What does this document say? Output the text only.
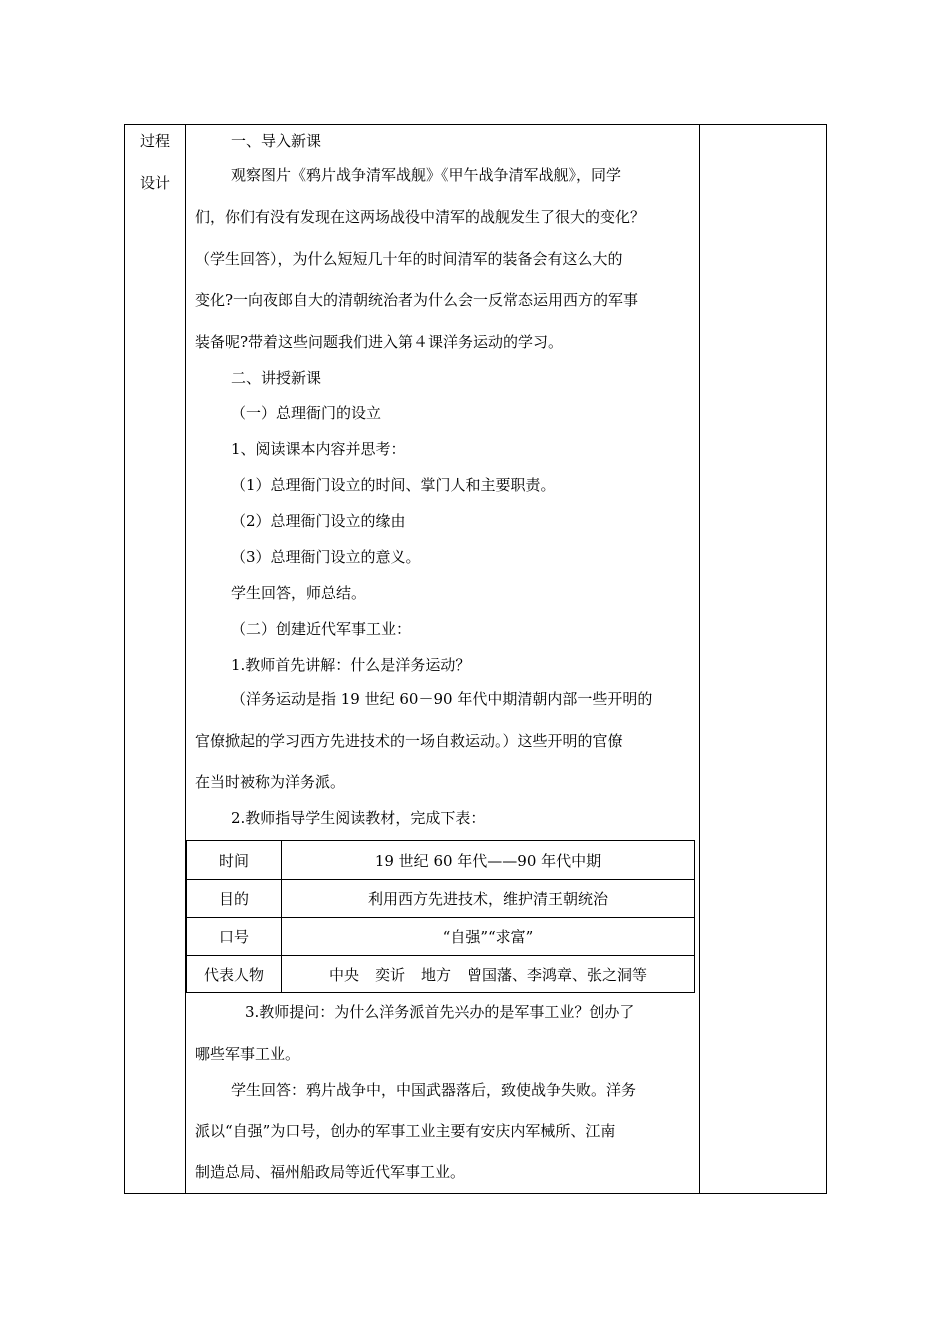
过程
设计
一、导入新课
观察图片《鸦片战争清军战舰》《甲午战争清军战舰》，同学
们，你们有没有发现在这两场战役中清军的战舰发生了很大的变化？
（学生回答），为什么短短几十年的时间清军的装备会有这么大的
变化?一向夜郎自大的清朝统治者为什么会一反常态运用西方的军事
装备呢?带着这些问题我们进入第４课洋务运动的学习。
二、讲授新课
（一）总理衙门的设立
1、阅读课本内容并思考：
（1）总理衙门设立的时间、掌门人和主要职责。
（2）总理衙门设立的缘由
（3）总理衙门设立的意义。
学生回答，师总结。
（二）创建近代军事工业：
1.教师首先讲解：什么是洋务运动？
（洋务运动是指 19 世纪 60－90 年代中期清朝内部一些开明的
官僚掀起的学习西方先进技术的一场自救运动。）这些开明的官僚
在当时被称为洋务派。
2.教师指导学生阅读教材，完成下表：
3.教师提问：为什么洋务派首先兴办的是军事工业？创办了
哪些军事工业。
学生回答：鸦片战争中，中国武器落后，致使战争失败。洋务
派以“自强”为口号，创办的军事工业主要有安庆内军械所、江南
制造总局、福州船政局等近代军事工业。
时间	19 世纪 60 年代——90 年代中期
目的	利用西方先进技术，维护清王朝统治
口号	“自强”“求富”
代表人物	中央 奕䜣 地方 曾国藩、李鸿章、张之洞等
